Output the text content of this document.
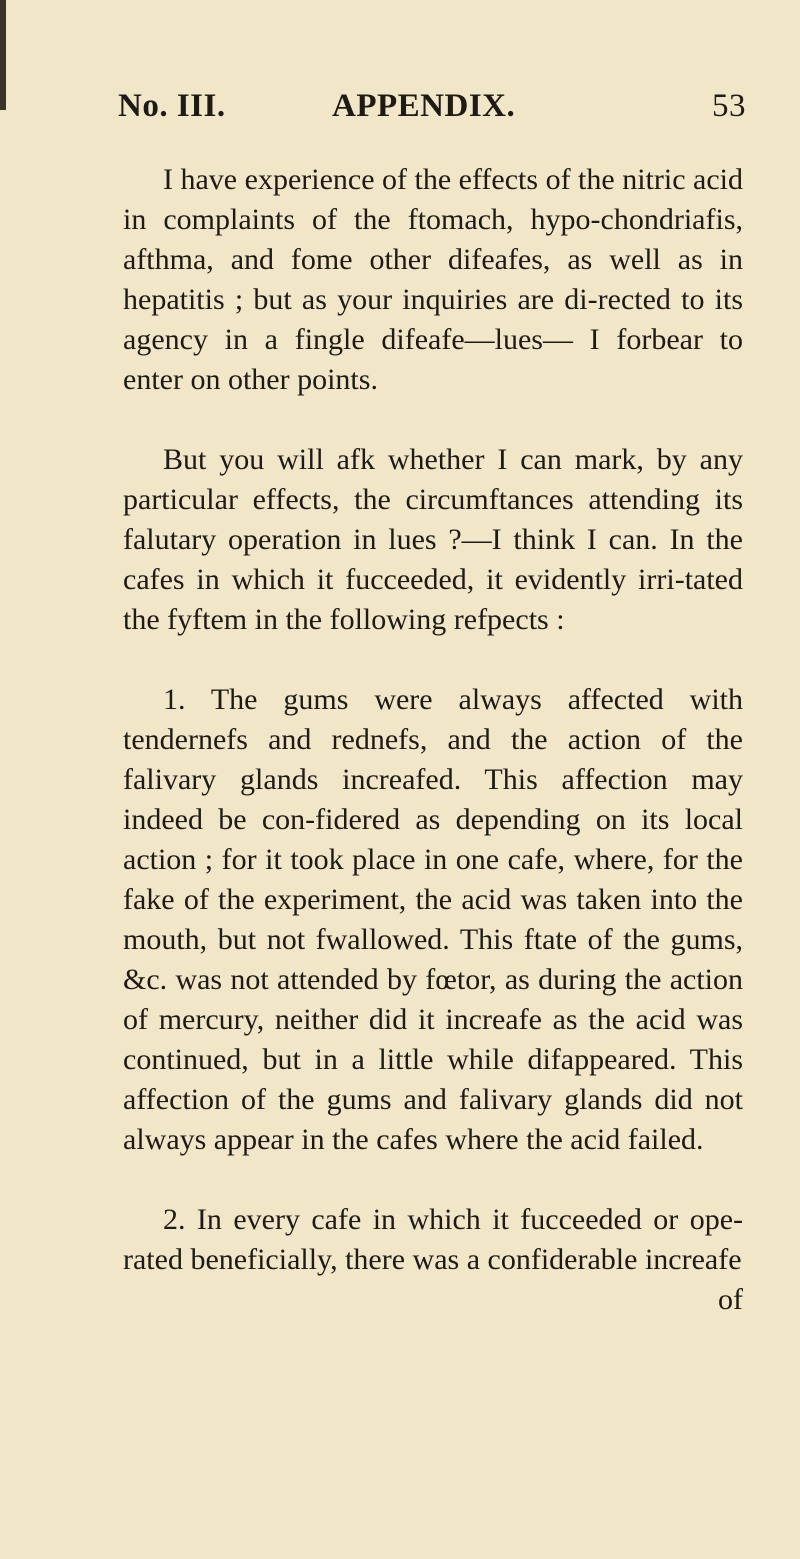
No. III.	APPENDIX.	53

I have experience of the effects of the nitric acid in complaints of the ftomach, hypo-chondriafis, afthma, and fome other difeafes, as well as in hepatitis ; but as your inquiries are di-rected to its agency in a fingle difeafe—lues— I forbear to enter on other points.

But you will afk whether I can mark, by any particular effects, the circumftances attending its falutary operation in lues ?—I think I can. In the cafes in which it fucceeded, it evidently irri-tated the fyftem in the following refpects :

1. The gums were always affected with tendernefs and rednefs, and the action of the falivary glands increafed. This affection may indeed be con-fidered as depending on its local action ; for it took place in one cafe, where, for the fake of the experiment, the acid was taken into the mouth, but not fwallowed. This ftate of the gums, &c. was not attended by fœtor, as during the action of mercury, neither did it increafe as the acid was continued, but in a little while difappeared. This affection of the gums and falivary glands did not always appear in the cafes where the acid failed.

2. In every cafe in which it fucceeded or ope-rated beneficially, there was a confiderable increafe

of
